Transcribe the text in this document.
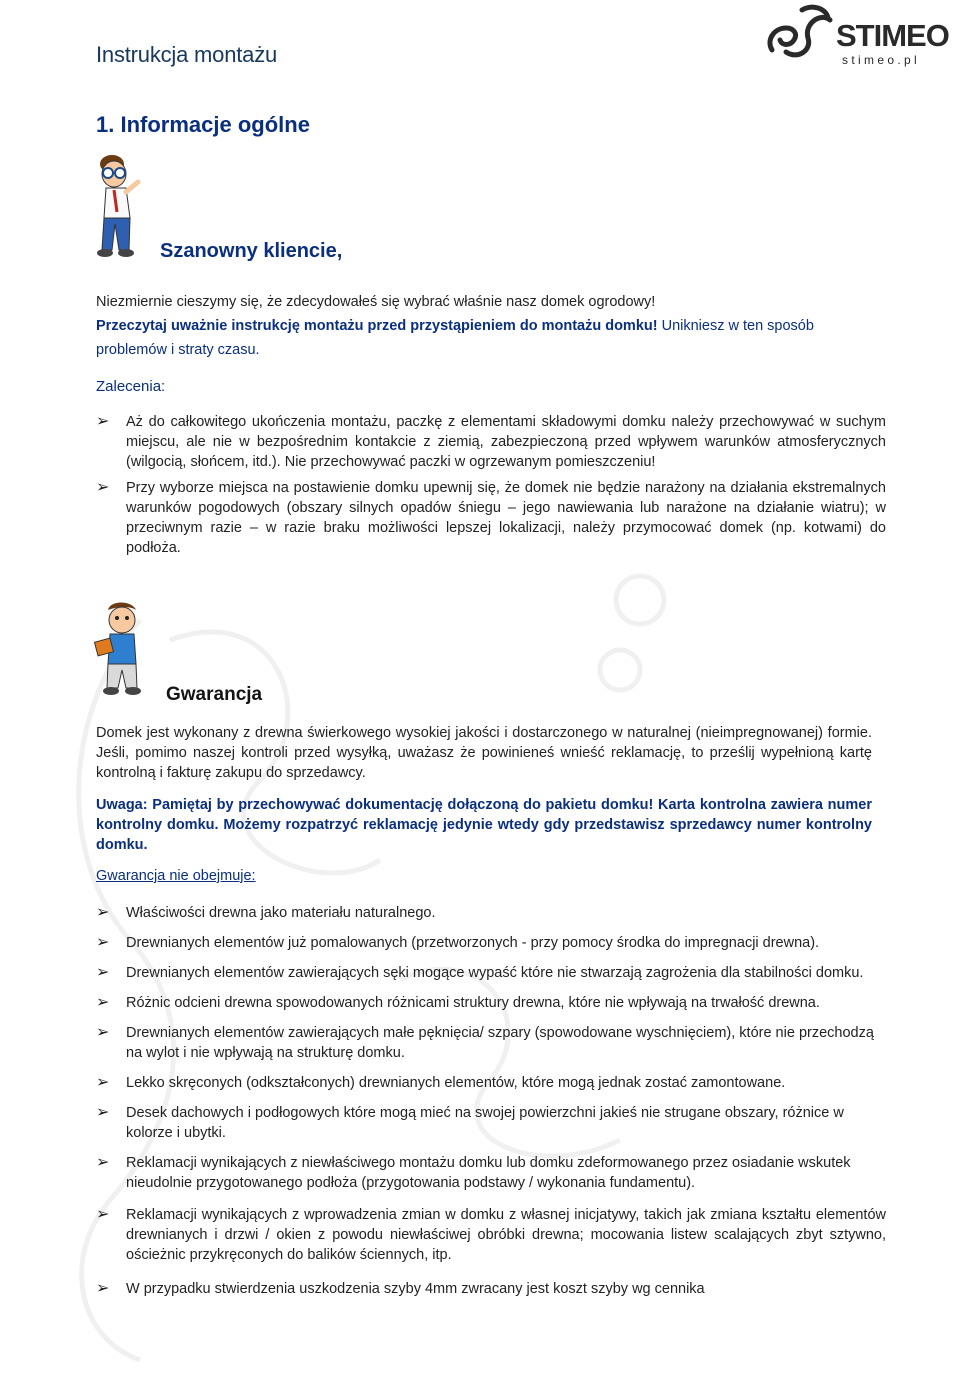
Instrukcja montażu
STIMEO
s t i m e o . p l
1. Informacje ogólne
Szanowny kliencie,
Niezmiernie cieszymy się, że zdecydowałeś się wybrać właśnie nasz domek ogrodowy!
Przeczytaj uważnie instrukcję montażu przed przystąpieniem do montażu domku! Unikniesz w ten sposób problemów i straty czasu.
Zalecenia:
➢ Aż do całkowitego ukończenia montażu, paczkę z elementami składowymi domku należy przechowywać w suchym miejscu, ale nie w bezpośrednim kontakcie z ziemią, zabezpieczoną przed wpływem warunków atmosferycznych (wilgocią, słońcem, itd.). Nie przechowywać paczki w ogrzewanym pomieszczeniu!
➢ Przy wyborze miejsca na postawienie domku upewnij się, że domek nie będzie narażony na działania ekstremalnych warunków pogodowych (obszary silnych opadów śniegu – jego nawiewania lub narażone na działanie wiatru); w przeciwnym razie – w razie braku możliwości lepszej lokalizacji, należy przymocować domek (np. kotwami) do podłoża.
Gwarancja
Domek jest wykonany z drewna świerkowego wysokiej jakości i dostarczonego w naturalnej (nieimpregnowanej) formie. Jeśli, pomimo naszej kontroli przed wysyłką, uważasz że powinieneś wnieść reklamację, to prześlij wypełnioną kartę kontrolną i fakturę zakupu do sprzedawcy.
Uwaga: Pamiętaj by przechowywać dokumentację dołączoną do pakietu domku! Karta kontrolna zawiera numer kontrolny domku. Możemy rozpatrzyć reklamację jedynie wtedy gdy przedstawisz sprzedawcy numer kontrolny domku.
Gwarancja nie obejmuje:
➢ Właściwości drewna jako materiału naturalnego.
➢ Drewnianych elementów już pomalowanych (przetworzonych - przy pomocy środka do impregnacji drewna).
➢ Drewnianych elementów zawierających sęki mogące wypaść które nie stwarzają zagrożenia dla stabilności domku.
➢ Różnic odcieni drewna spowodowanych różnicami struktury drewna, które nie wpływają na trwałość drewna.
➢ Drewnianych elementów zawierających małe pęknięcia/ szpary (spowodowane wyschnięciem), które nie przechodzą na wylot i nie wpływają na strukturę domku.
➢ Lekko skręconych (odkształconych) drewnianych elementów, które mogą jednak zostać zamontowane.
➢ Desek dachowych i podłogowych które mogą mieć na swojej powierzchni jakieś nie strugane obszary, różnice w kolorze i ubytki.
➢ Reklamacji wynikających z niewłaściwego montażu domku lub domku zdeformowanego przez osiadanie wskutek nieudolnie przygotowanego podłoża (przygotowania podstawy / wykonania fundamentu).
➢ Reklamacji wynikających z wprowadzenia zmian w domku z własnej inicjatywy, takich jak zmiana kształtu elementów drewnianych i drzwi / okien z powodu niewłaściwej obróbki drewna; mocowania listew scalających zbyt sztywno, ościeżnic przykręconych do balików ściennych, itp.
➢ W przypadku stwierdzenia uszkodzenia szyby 4mm zwracany jest koszt szyby wg cennika
